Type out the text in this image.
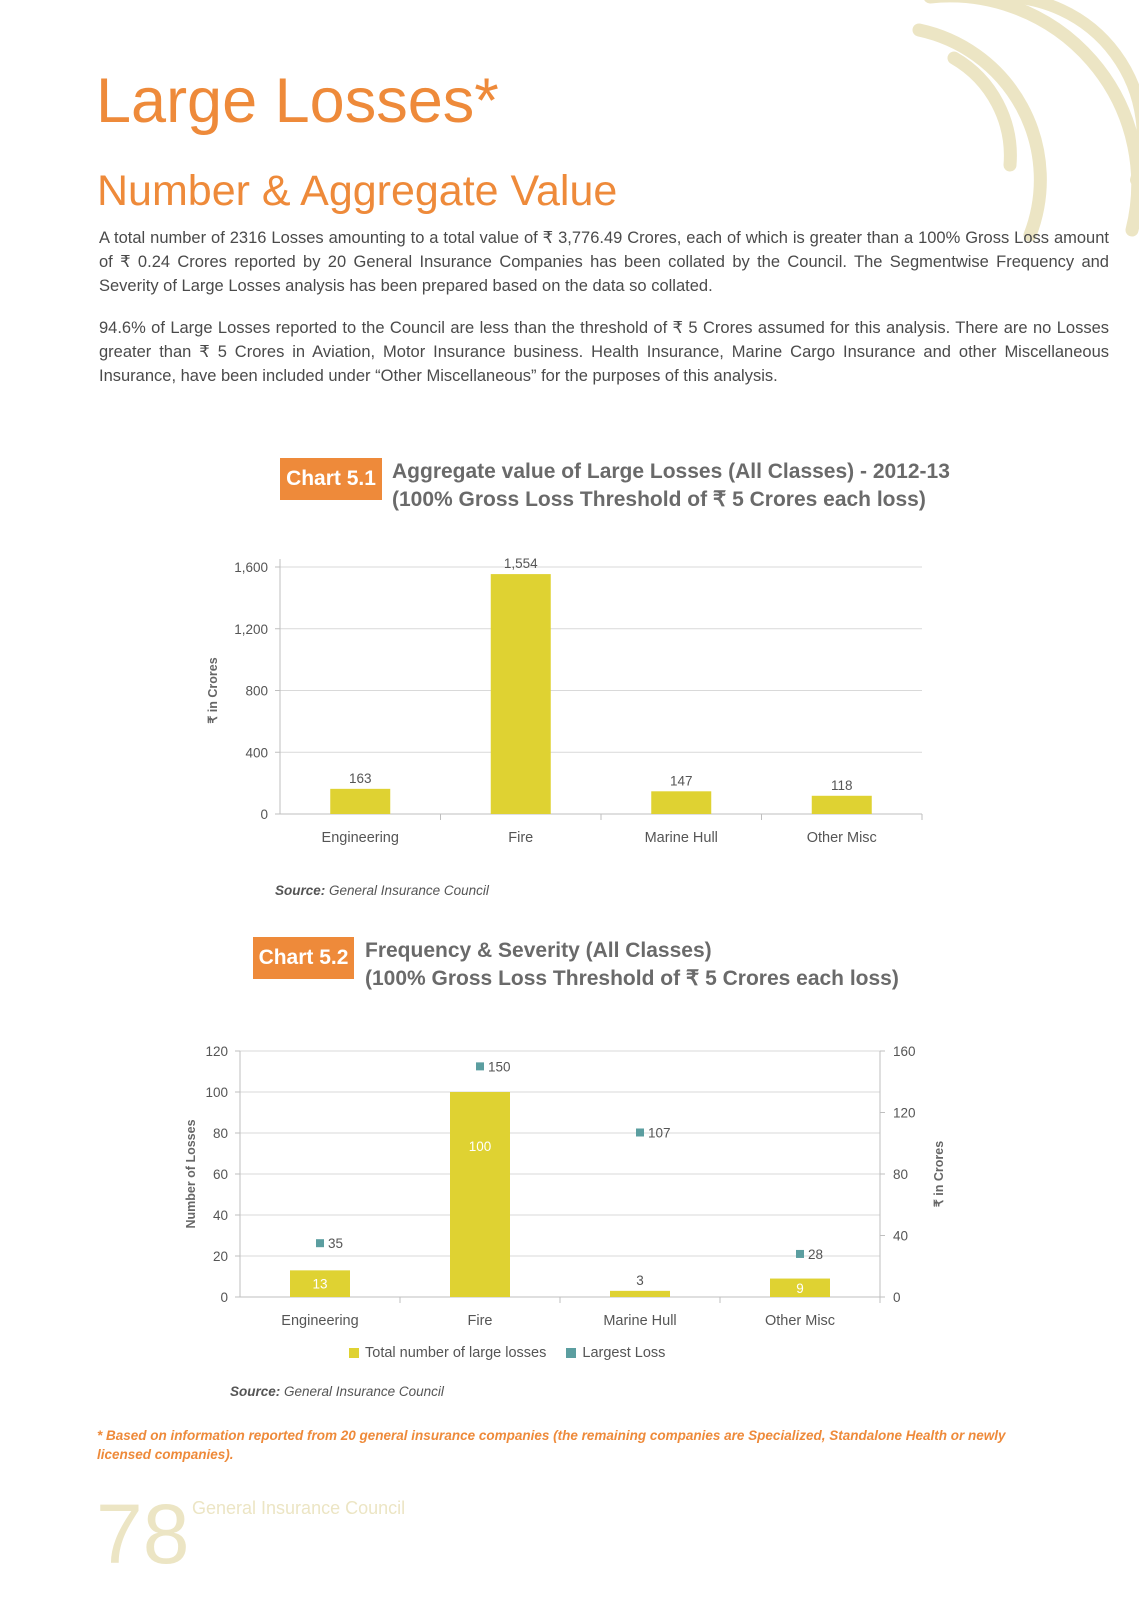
Large Losses*
Number & Aggregate Value

A total number of 2316 Losses amounting to a total value of ₹ 3,776.49 Crores, each of which is greater than a 100% Gross Loss amount of ₹ 0.24 Crores reported by 20 General Insurance Companies has been collated by the Council. The Segmentwise Frequency and Severity of Large Losses analysis has been prepared based on the data so collated.

94.6% of Large Losses reported to the Council are less than the threshold of ₹ 5 Crores assumed for this analysis. There are no Losses greater than ₹ 5 Crores in Aviation, Motor Insurance business. Health Insurance, Marine Cargo Insurance and other Miscellaneous Insurance, have been included under “Other Miscellaneous” for the purposes of this analysis.

Chart 5.1 Aggregate value of Large Losses (All Classes) - 2012-13
(100% Gross Loss Threshold of ₹ 5 Crores each loss)
0
400
800
1,200
1,600
₹ in Crores
163
Engineering
1,554
Fire
147
Marine Hull
118
Other Misc
Source: General Insurance Council
Chart 5.2 Frequency & Severity (All Classes)
(100% Gross Loss Threshold of ₹ 5 Crores each loss)
0
20
40
60
80
100
120
0
40
80
120
160
Number of Losses	₹ in Crores
13
35
Engineering
100
150
Fire
3
107
Marine Hull
9
28
Other Misc
Total number of large losses Largest Loss
Source: General Insurance Council

* Based on information reported from 20 general insurance companies (the remaining companies are Specialized, Standalone Health or newly licensed companies).

78 General Insurance Council
